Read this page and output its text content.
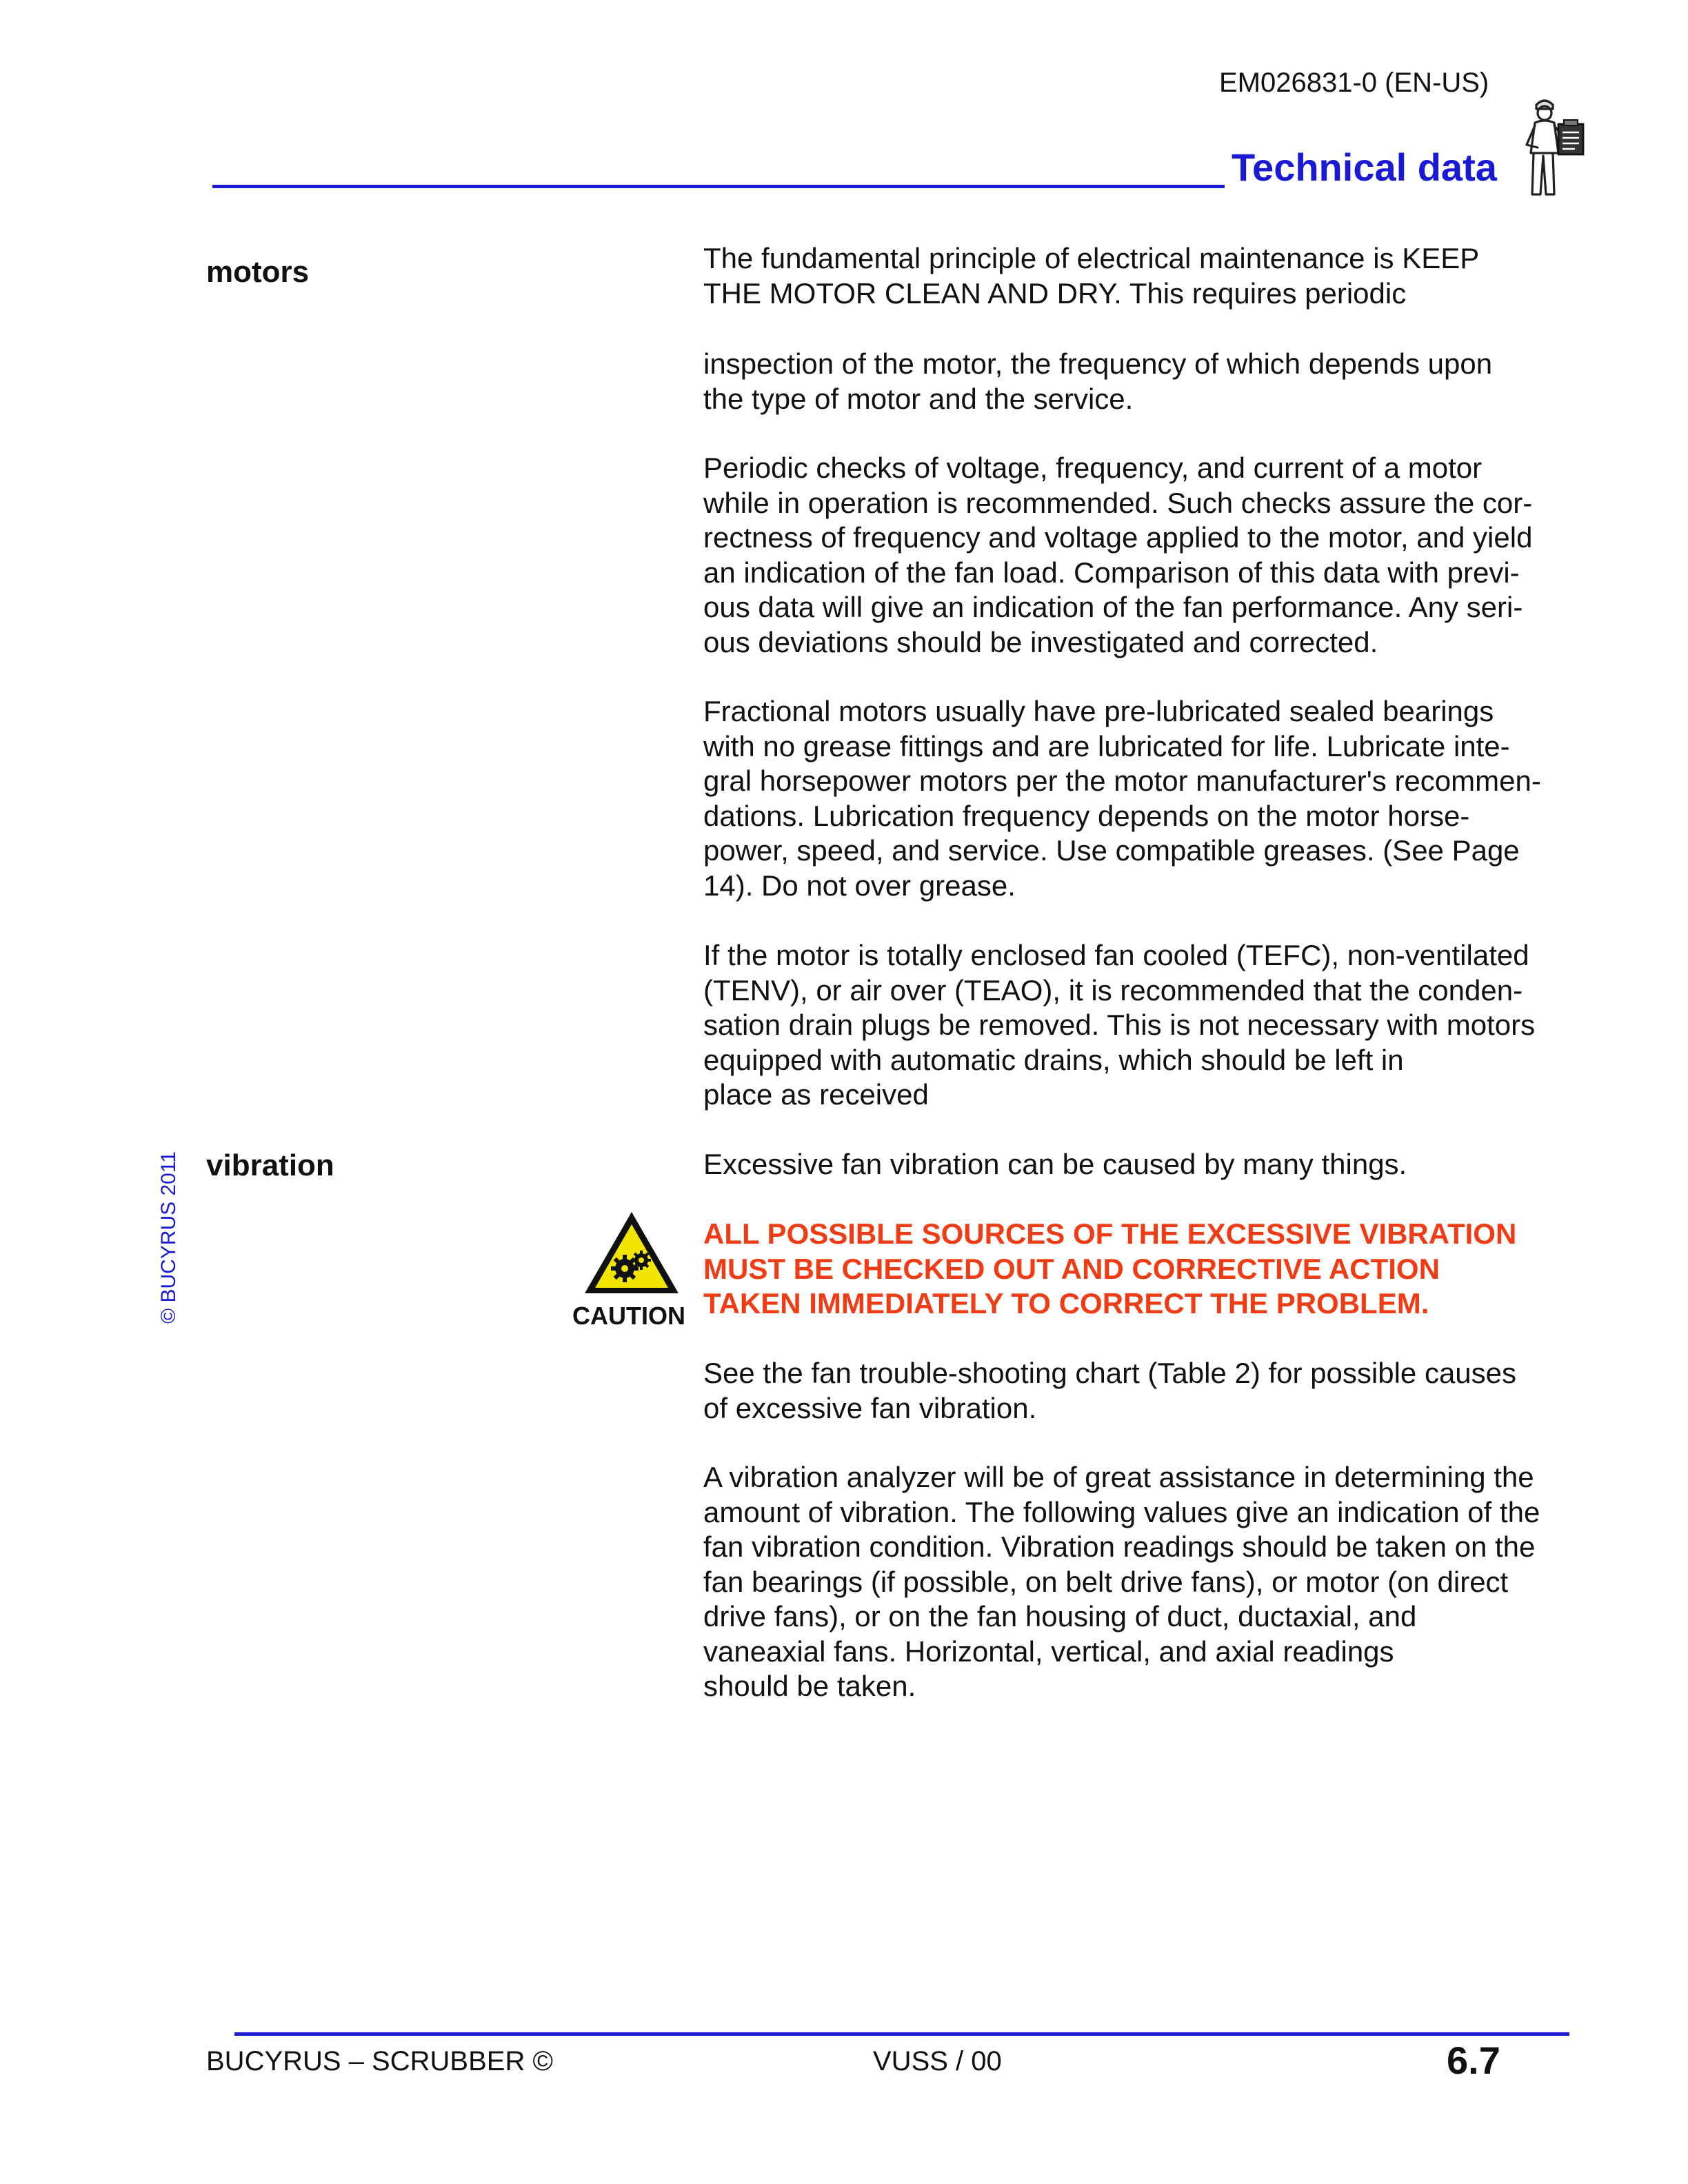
EM026831-0 (EN-US)
Technical data
© BUCYRUS 2011
motors
vibration
The fundamental principle of electrical maintenance is KEEP
THE MOTOR CLEAN AND DRY. This requires periodic
inspection of the motor, the frequency of which depends upon
the type of motor and the service.
Periodic checks of voltage, frequency, and current of a motor
while in operation is recommended. Such checks assure the cor-
rectness of frequency and voltage applied to the motor, and yield
an indication of the fan load. Comparison of this data with previ-
ous data will give an indication of the fan performance. Any seri-
ous deviations should be investigated and corrected.
Fractional motors usually have pre-lubricated sealed bearings
with no grease fittings and are lubricated for life. Lubricate inte-
gral horsepower motors per the motor manufacturer's recommen-
dations. Lubrication frequency depends on the motor horse-
power, speed, and service. Use compatible greases. (See Page
14). Do not over grease.
If the motor is totally enclosed fan cooled (TEFC), non-ventilated
(TENV), or air over (TEAO), it is recommended that the conden-
sation drain plugs be removed. This is not necessary with motors
equipped with automatic drains, which should be left in
place as received
Excessive fan vibration can be caused by many things.
CAUTION
ALL POSSIBLE SOURCES OF THE EXCESSIVE VIBRATION
MUST BE CHECKED OUT AND CORRECTIVE ACTION
TAKEN IMMEDIATELY TO CORRECT THE PROBLEM.
See the fan trouble-shooting chart (Table 2) for possible causes
of excessive fan vibration.
A vibration analyzer will be of great assistance in determining the
amount of vibration. The following values give an indication of the
fan vibration condition. Vibration readings should be taken on the
fan bearings (if possible, on belt drive fans), or motor (on direct
drive fans), or on the fan housing of duct, ductaxial, and
vaneaxial fans. Horizontal, vertical, and axial readings
should be taken.
BUCYRUS – SCRUBBER ©	VUSS / 00	6.7
